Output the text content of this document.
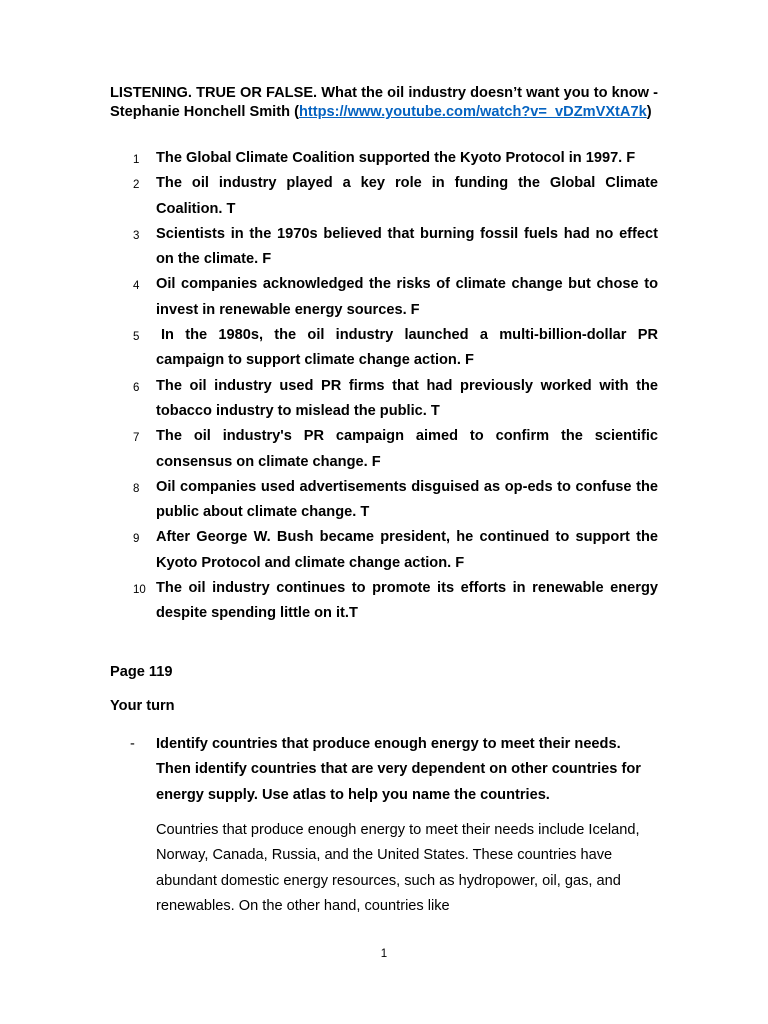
LISTENING. TRUE OR FALSE. What the oil industry doesn’t want you to know - Stephanie Honchell Smith (https://www.youtube.com/watch?v=_vDZmVXtA7k)
1	The Global Climate Coalition supported the Kyoto Protocol in 1997. F
2	The oil industry played a key role in funding the Global Climate Coalition. T
3	Scientists in the 1970s believed that burning fossil fuels had no effect on the climate. F
4	Oil companies acknowledged the risks of climate change but chose to invest in renewable energy sources. F
5	In the 1980s, the oil industry launched a multi-billion-dollar PR campaign to support climate change action. F
6	The oil industry used PR firms that had previously worked with the tobacco industry to mislead the public. T
7	The oil industry's PR campaign aimed to confirm the scientific consensus on climate change. F
8	Oil companies used advertisements disguised as op-eds to confuse the public about climate change. T
9	After George W. Bush became president, he continued to support the Kyoto Protocol and climate change action. F
10 The oil industry continues to promote its efforts in renewable energy despite spending little on it.T
Page 119
Your turn
- Identify countries that produce enough energy to meet their needs. Then identify countries that are very dependent on other countries for energy supply. Use atlas to help you name the countries.
Countries that produce enough energy to meet their needs include Iceland, Norway, Canada, Russia, and the United States. These countries have abundant domestic energy resources, such as hydropower, oil, gas, and renewables. On the other hand, countries like
1
